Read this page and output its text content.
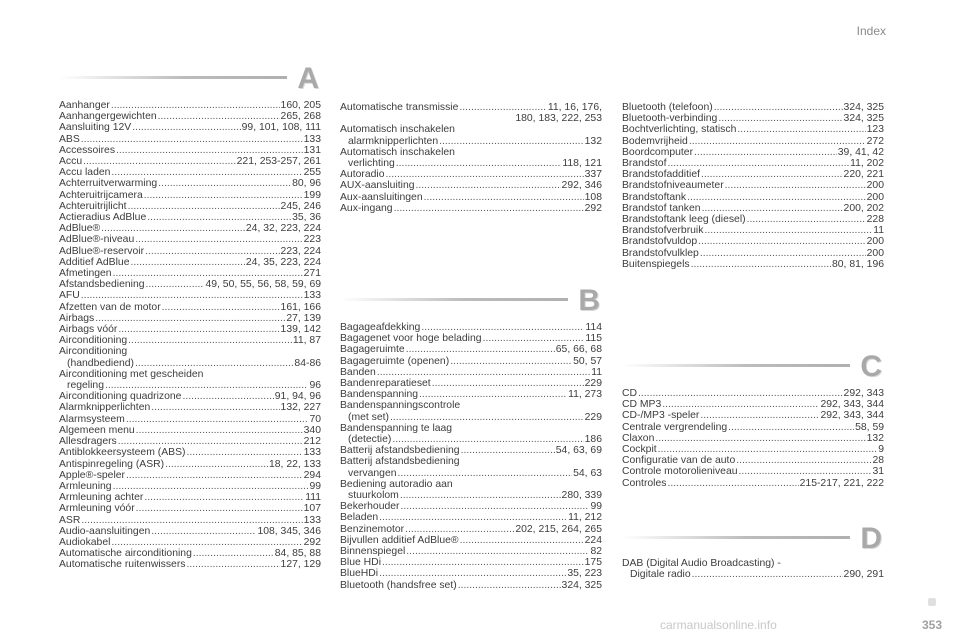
Index
A
Aanhanger .....	160, 205
Aanhangergewichten .....	265, 268
Aansluiting 12V .....	99, 101, 108, 111
ABS .....	133
Accessoires .....	131
Accu .....	221, 253-257, 261
Accu laden .....	255
Achterruitverwarming .....	80, 96
Achteruitrijcamera .....	199
Achteruitrijlicht .....	245, 246
Actieradius AdBlue .....	35, 36
AdBlue® .....	24, 32, 223, 224
AdBlue®-niveau .....	223
AdBlue®-reservoir .....	223, 224
Additief AdBlue .....	24, 35, 223, 224
Afmetingen .....	271
Afstandsbediening .....	49, 50, 55, 56, 58, 59, 69
AFU .....	133
Afzetten van de motor .....	161, 166
Airbags .....	27, 139
Airbags vóór .....	139, 142
Airconditioning .....	11, 87
Airconditioning
(handbediend) .....	84-86
Airconditioning met gescheiden
regeling .....	96
Airconditioning quadrizone .....	91, 94, 96
Alarmknipperlichten .....	132, 227
Alarmsysteem .....	70
Algemeen menu .....	340
Allesdragers .....	212
Antiblokkeersysteem (ABS) .....	133
Antispinregeling (ASR) .....	18, 22, 133
Apple®-speler .....	294
Armleuning .....	99
Armleuning achter .....	111
Armleuning vóór .....	107
ASR .....	133
Audio-aansluitingen .....	108, 345, 346
Audiokabel .....	292
Automatische airconditioning .....	84, 85, 88
Automatische ruitenwissers .....	127, 129
Automatische transmissie .....	11, 16, 176,
180, 183, 222, 253
Automatisch inschakelen
alarmknipperlichten .....	132
Automatisch inschakelen
verlichting .....	118, 121
Autoradio .....	337
AUX-aansluiting .....	292, 346
Aux-aansluitingen .....	108
Aux-ingang .....	292
B
Bagageafdekking .....	114
Bagagenet voor hoge belading .....	115
Bagageruimte .....	65, 66, 68
Bagageruimte (openen) .....	50, 57
Banden .....	11
Bandenreparatieset .....	229
Bandenspanning .....	11, 273
Bandenspanningscontrole
(met set) .....	229
Bandenspanning te laag
(detectie) .....	186
Batterij afstandsbediening .....	54, 63, 69
Batterij afstandsbediening
vervangen .....	54, 63
Bediening autoradio aan
stuurkolom .....	280, 339
Bekerhouder .....	99
Beladen .....	11, 212
Benzinemotor .....	202, 215, 264, 265
Bijvullen additief AdBlue® .....	224
Binnenspiegel .....	82
Blue HDi .....	175
BlueHDi .....	35, 223
Bluetooth (handsfree set) .....	324, 325
Bluetooth (telefoon) .....	324, 325
Bluetooth-verbinding .....	324, 325
Bochtverlichting, statisch .....	123
Bodemvrijheid .....	272
Boordcomputer .....	39, 41, 42
Brandstof .....	11, 202
Brandstofadditief .....	220, 221
Brandstofniveaumeter .....	200
Brandstoftank .....	200
Brandstof tanken .....	200, 202
Brandstoftank leeg (diesel) .....	228
Brandstofverbruik .....	11
Brandstofvuldop .....	200
Brandstofvulklep .....	200
Buitenspiegels .....	80, 81, 196
C
CD .....	292, 343
CD MP3 .....	292, 343, 344
CD-/MP3 -speler .....	292, 343, 344
Centrale vergrendeling .....	58, 59
Claxon .....	132
Cockpit .....	9
Configuratie van de auto .....	28
Controle motorolieniveau .....	31
Controles .....	215-217, 221, 222
D
DAB (Digital Audio Broadcasting) -
Digitale radio .....	290, 291
carmanualsonline.info	353
